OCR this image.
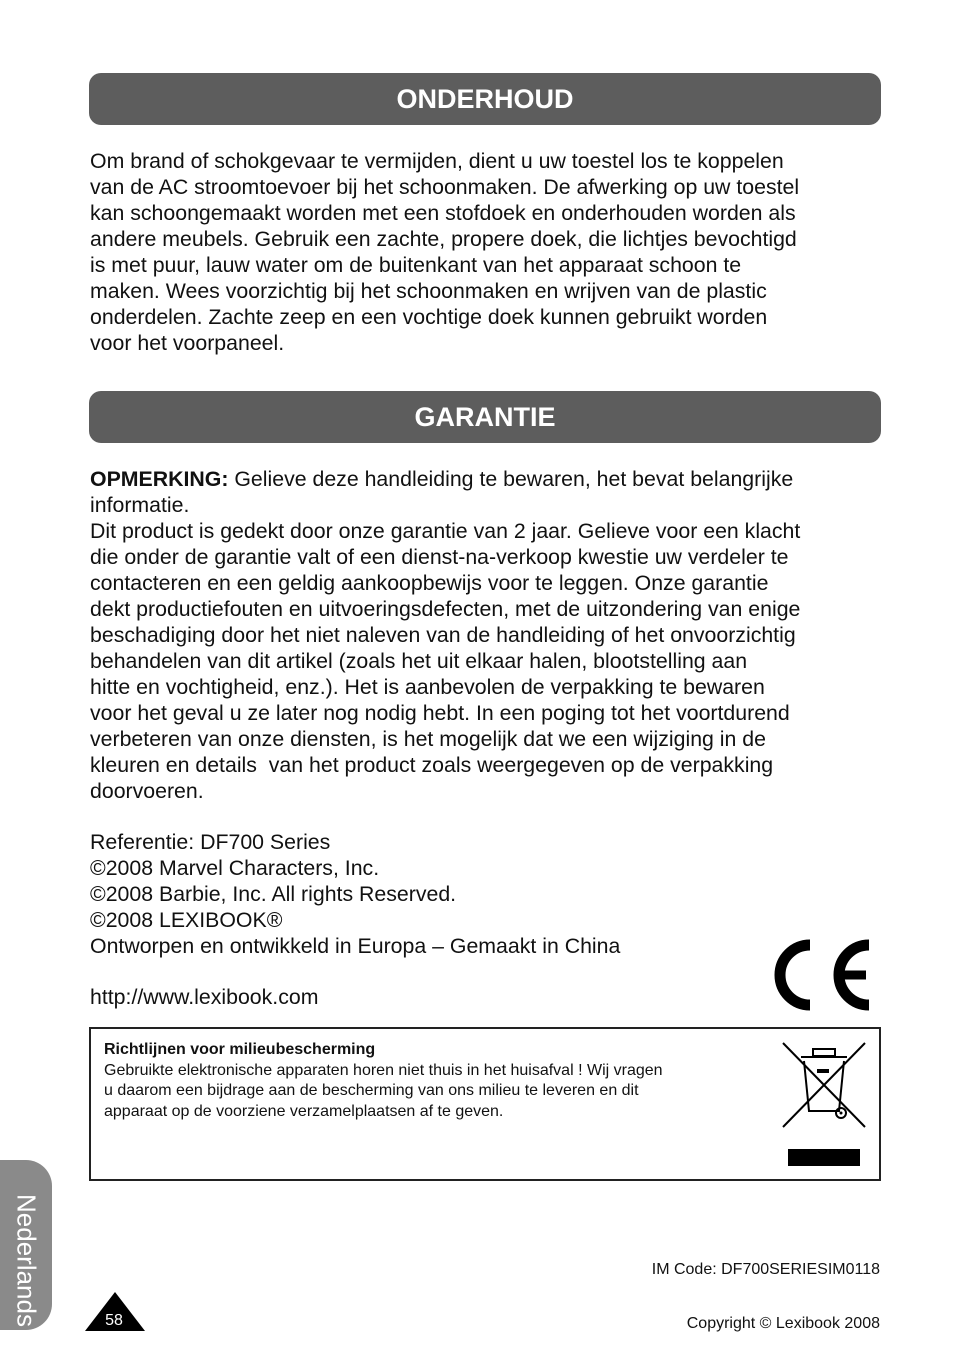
ONDERHOUD
Om brand of schokgevaar te vermijden, dient u uw toestel los te koppelen
van de AC stroomtoevoer bij het schoonmaken. De afwerking op uw toestel
kan schoongemaakt worden met een stofdoek en onderhouden worden als
andere meubels. Gebruik een zachte, propere doek, die lichtjes bevochtigd
is met puur, lauw water om de buitenkant van het apparaat schoon te
maken. Wees voorzichtig bij het schoonmaken en wrijven van de plastic
onderdelen. Zachte zeep en een vochtige doek kunnen gebruikt worden
voor het voorpaneel.
GARANTIE
OPMERKING: Gelieve deze handleiding te bewaren, het bevat belangrijke
informatie.
Dit product is gedekt door onze garantie van 2 jaar. Gelieve voor een klacht
die onder de garantie valt of een dienst-na-verkoop kwestie uw verdeler te
contacteren en een geldig aankoopbewijs voor te leggen. Onze garantie
dekt productiefouten en uitvoeringsdefecten, met de uitzondering van enige
beschadiging door het niet naleven van de handleiding of het onvoorzichtig
behandelen van dit artikel (zoals het uit elkaar halen, blootstelling aan
hitte en vochtigheid, enz.). Het is aanbevolen de verpakking te bewaren
voor het geval u ze later nog nodig hebt. In een poging tot het voortdurend
verbeteren van onze diensten, is het mogelijk dat we een wijziging in de
kleuren en details  van het product zoals weergegeven op de verpakking
doorvoeren.
Referentie: DF700 Series
©2008 Marvel Characters, Inc.
©2008 Barbie, Inc. All rights Reserved.
©2008 LEXIBOOK®
Ontworpen en ontwikkeld in Europa – Gemaakt in China
http://www.lexibook.com
Richtlijnen voor milieubescherming
Gebruikte elektronische apparaten horen niet thuis in het huisafval ! Wij vragen
u daarom een bijdrage aan de bescherming van ons milieu te leveren en dit
apparaat op de voorziene verzamelplaatsen af te geven.
IM Code: DF700SERIESIM0118
Copyright © Lexibook 2008
Nederlands	58
